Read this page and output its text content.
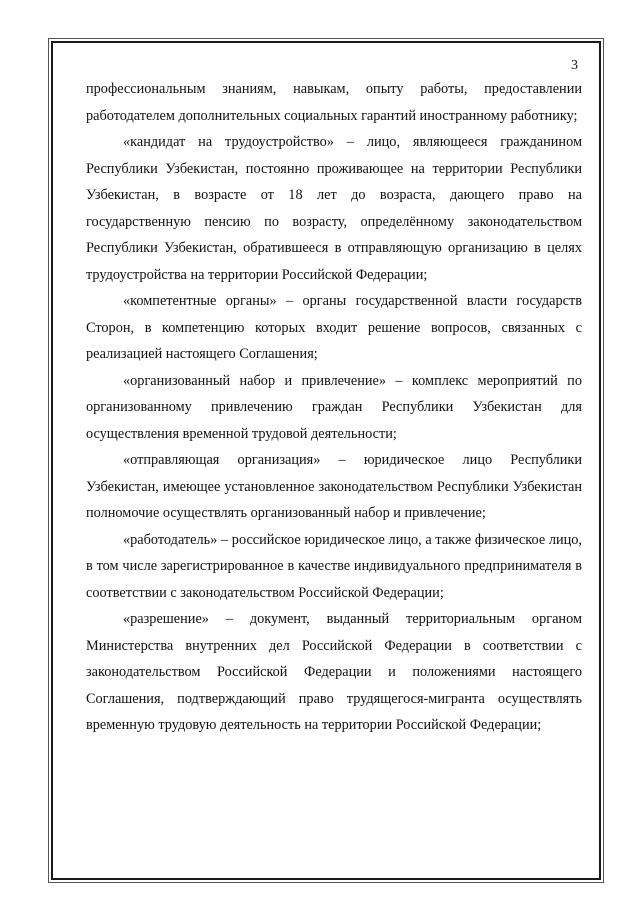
3

профессиональным знаниям, навыкам, опыту работы, предоставлении работодателем дополнительных социальных гарантий иностранному работнику;

«кандидат на трудоустройство» – лицо, являющееся гражданином Республики Узбекистан, постоянно проживающее на территории Республики Узбекистан, в возрасте от 18 лет до возраста, дающего право на государственную пенсию по возрасту, определённому законодательством Республики Узбекистан, обратившееся в отправляющую организацию в целях трудоустройства на территории Российской Федерации;

«компетентные органы» – органы государственной власти государств Сторон, в компетенцию которых входит решение вопросов, связанных с реализацией настоящего Соглашения;

«организованный набор и привлечение» – комплекс мероприятий по организованному привлечению граждан Республики Узбекистан для осуществления временной трудовой деятельности;

«отправляющая организация» – юридическое лицо Республики Узбекистан, имеющее установленное законодательством Республики Узбекистан полномочие осуществлять организованный набор и привлечение;

«работодатель» – российское юридическое лицо, а также физическое лицо, в том числе зарегистрированное в качестве индивидуального предпринимателя в соответствии с законодательством Российской Федерации;

«разрешение» – документ, выданный территориальным органом Министерства внутренних дел Российской Федерации в соответствии с законодательством Российской Федерации и положениями настоящего Соглашения, подтверждающий право трудящегося-мигранта осуществлять временную трудовую деятельность на территории Российской Федерации;
